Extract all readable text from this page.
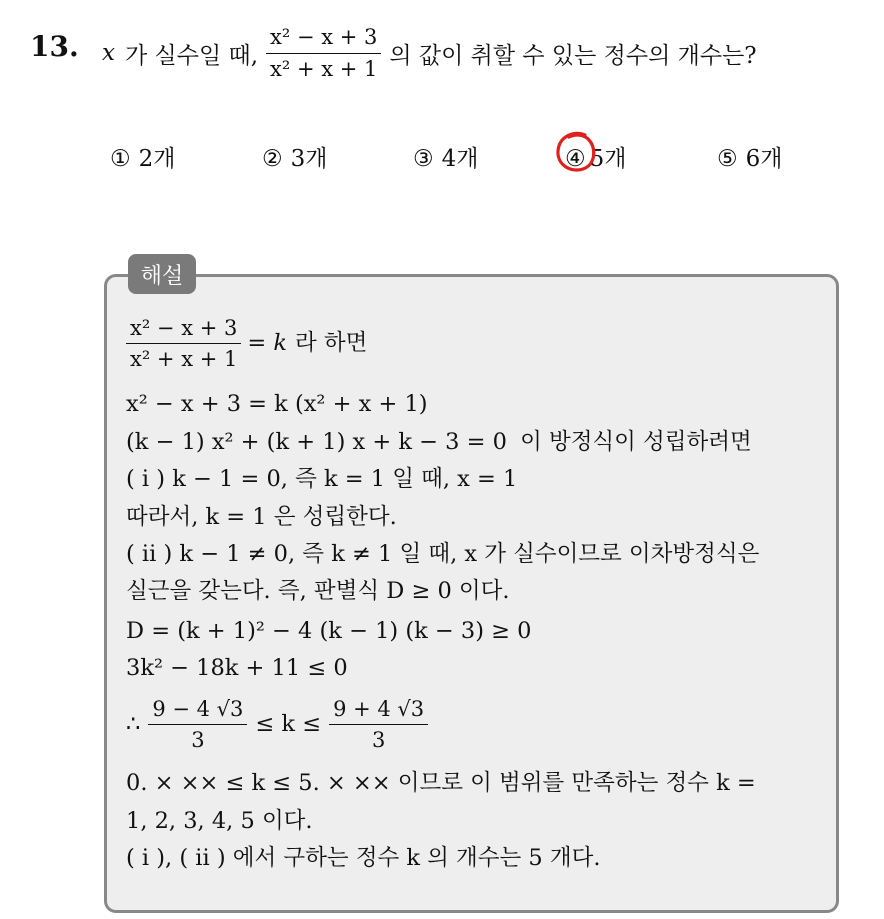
13. x 가 실수일 때, $\frac{\text{x² − x + 3}}{\text{x² + x + 1}}$ 의 값이 취할 수 있는 정수의 개수는?
① 2개	② 3개	③ 4개	④ 5개	⑤ 6개
해설
$\frac{\text{x² − x + 3}}{\text{x² + x + 1}} = k$ 라 하면
x² − x + 3 = k (x² + x + 1)
(k − 1) x² + (k + 1) x + k − 3 = 0 이 방정식이 성립하려면
( i ) k − 1 = 0, 즉 k = 1 일 때, x = 1
따라서, k = 1 은 성립한다.
( ii ) k − 1 ≠ 0, 즉 k ≠ 1 일 때, x 가 실수이므로 이차방정식은
실근을 갖는다. 즉, 판별식 D ≥ 0 이다.
D = (k + 1)² − 4 (k − 1) (k − 3) ≥ 0
3k² − 18k + 11 ≤ 0
∴ $\frac{9 - 4 √3}{3} \le k \le \frac{9 + 4 √3}{3}$
0. × ×× ≤ k ≤ 5. × ×× 이므로 이 범위를 만족하는 정수 k =
1, 2, 3, 4, 5 이다.
( i ), ( ii ) 에서 구하는 정수 k 의 개수는 5 개다.
